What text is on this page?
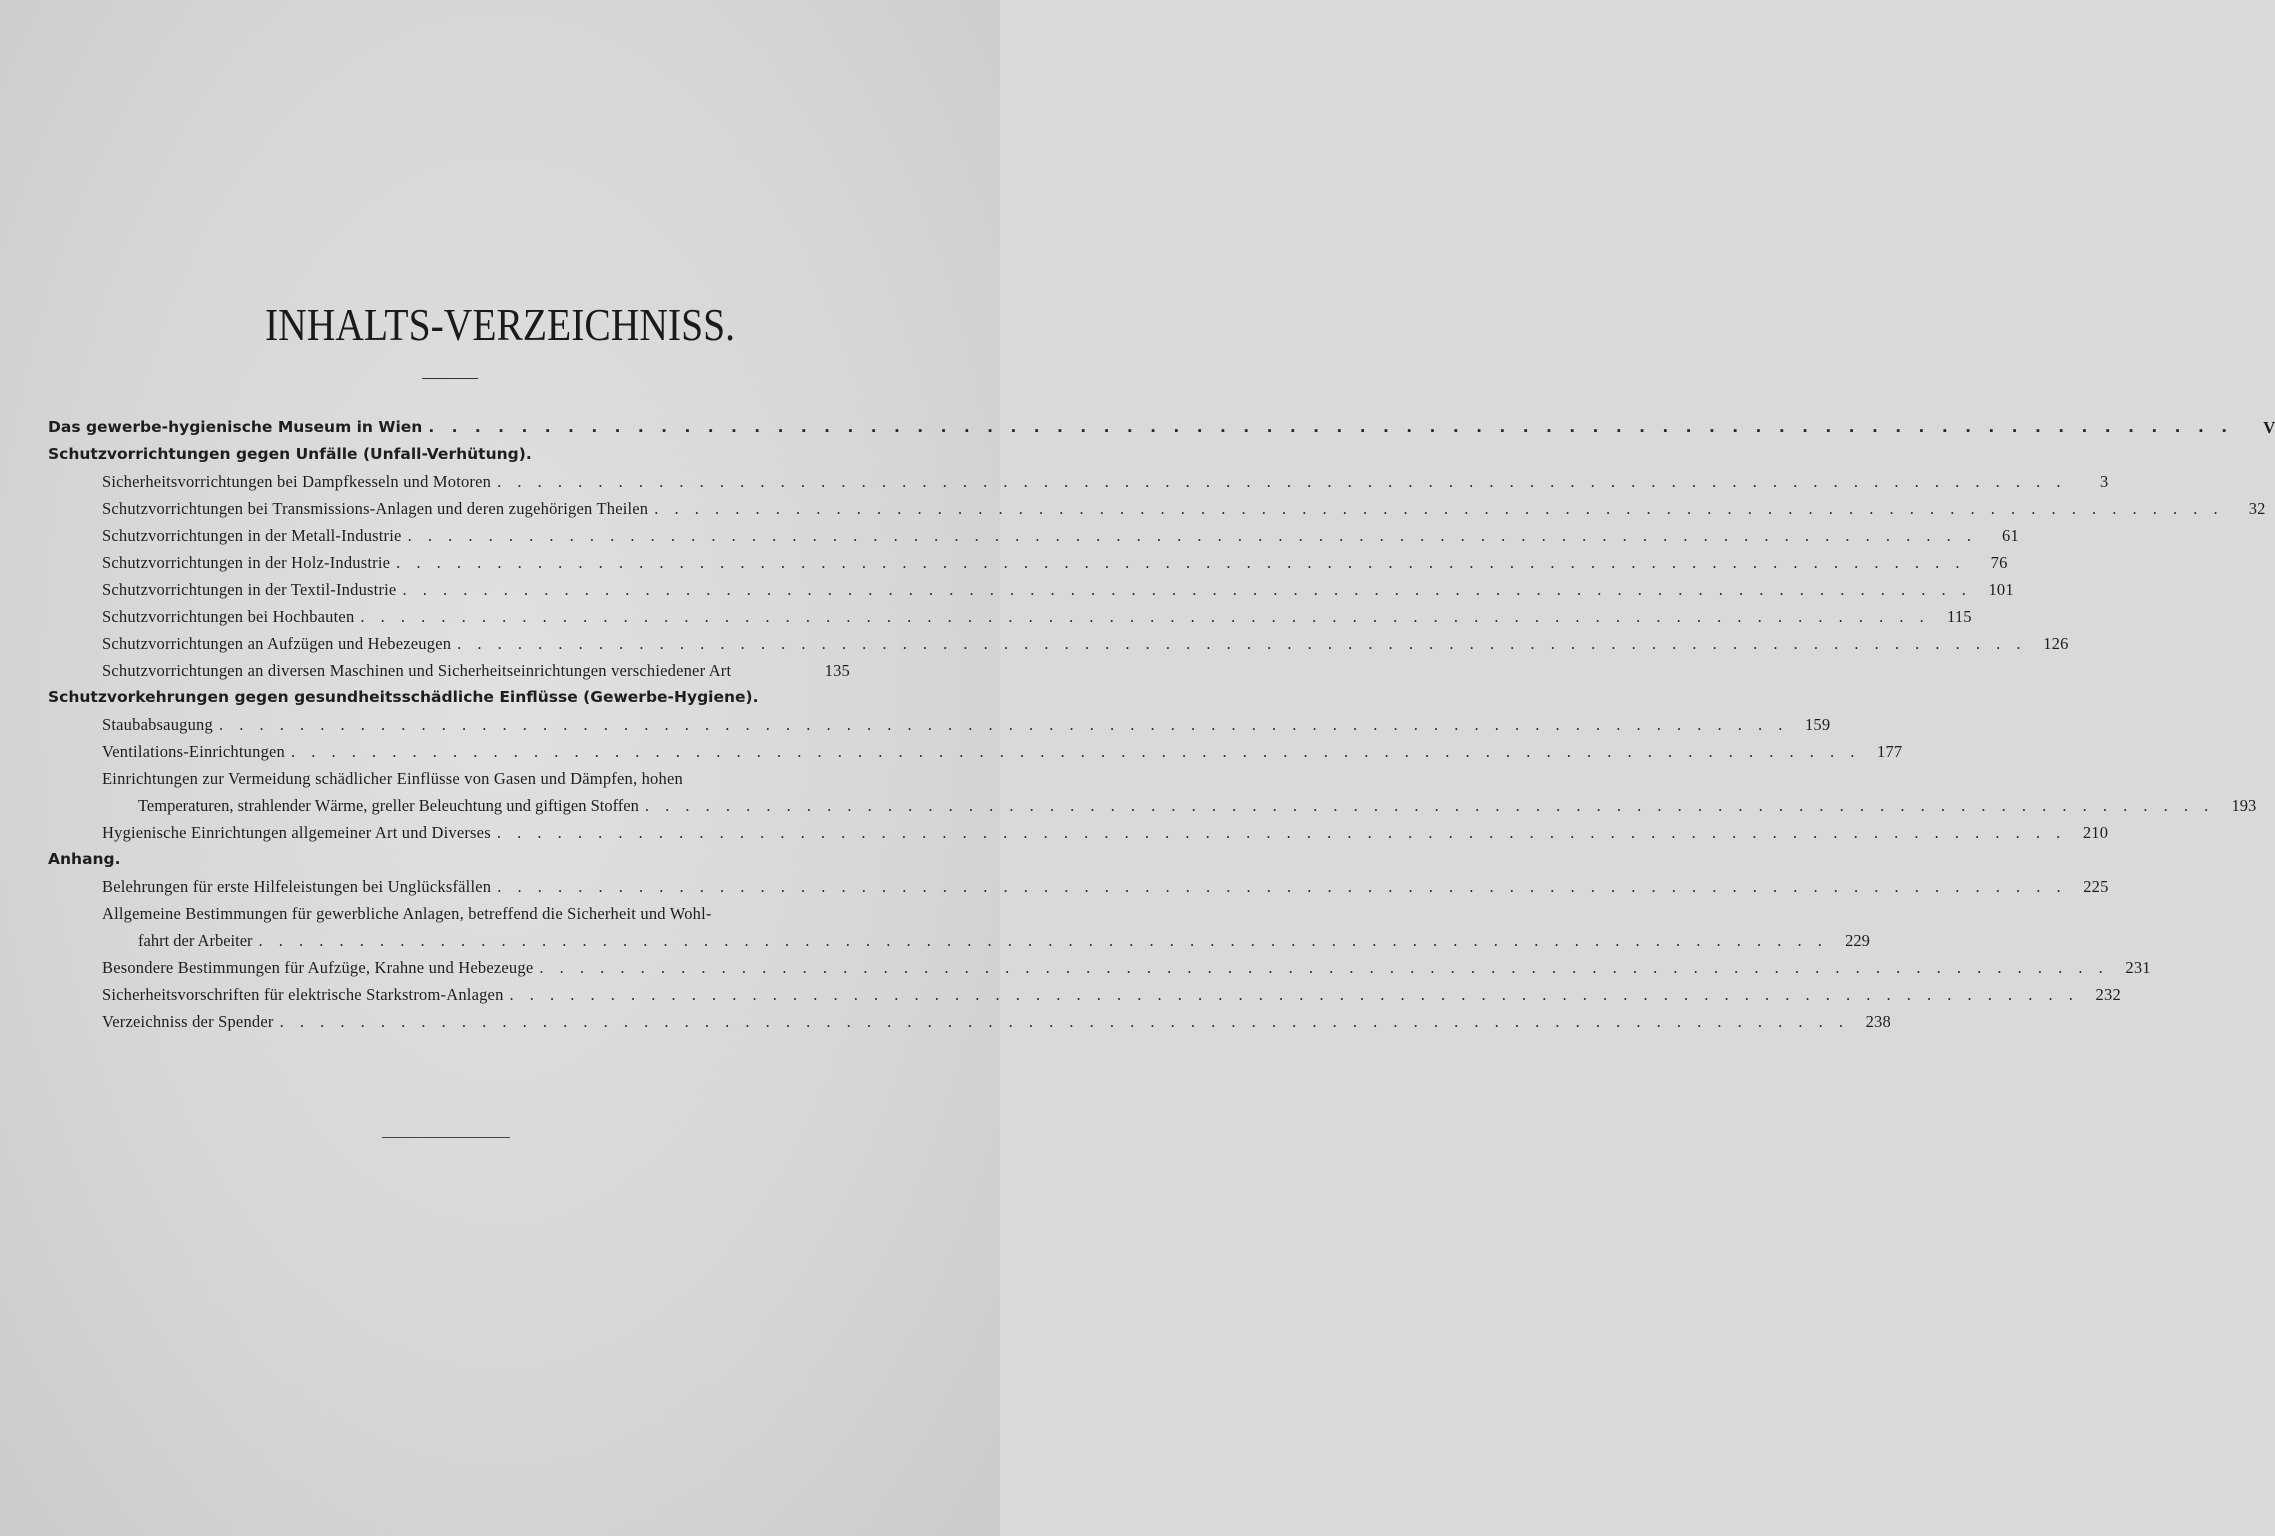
INHALTS-VERZEICHNISS.
Das gewerbe-hygienische Museum in Wien . . . . . . . . . . . . . . . . . . . . . . . . . . . . . . . . . . . . . . . . . . . . . . . . . . . . . . . . . . . . . . . . . . . . . . . . . . . . . .	V
Schutzvorrichtungen gegen Unfälle (Unfall-Verhütung).
Sicherheitsvorrichtungen bei Dampfkesseln und Motoren . . . . . . . . . . . . . . . . . . . . . . . . . . . . . . . . . . . . . . . . . . . . . . . . . . . . . . . . . . . . . . . . . . . . . . . . . . . . . .	3
Schutzvorrichtungen bei Transmissions-Anlagen und deren zugehörigen Theilen . . . . . . . . . . . . . . . . . . . . . . . . . . . . . . . . . . . . . . . . . . . . . . . . . . . . . . . . . . . . . . . . . . . . . . . . . . . . . .	32
Schutzvorrichtungen in der Metall-Industrie . . . . . . . . . . . . . . . . . . . . . . . . . . . . . . . . . . . . . . . . . . . . . . . . . . . . . . . . . . . . . . . . . . . . . . . . . . . . . .	61
Schutzvorrichtungen in der Holz-Industrie . . . . . . . . . . . . . . . . . . . . . . . . . . . . . . . . . . . . . . . . . . . . . . . . . . . . . . . . . . . . . . . . . . . . . . . . . . . . . .	76
Schutzvorrichtungen in der Textil-Industrie . . . . . . . . . . . . . . . . . . . . . . . . . . . . . . . . . . . . . . . . . . . . . . . . . . . . . . . . . . . . . . . . . . . . . . . . . . . . . .	101
Schutzvorrichtungen bei Hochbauten . . . . . . . . . . . . . . . . . . . . . . . . . . . . . . . . . . . . . . . . . . . . . . . . . . . . . . . . . . . . . . . . . . . . . . . . . . . . . .	115
Schutzvorrichtungen an Aufzügen und Hebezeugen . . . . . . . . . . . . . . . . . . . . . . . . . . . . . . . . . . . . . . . . . . . . . . . . . . . . . . . . . . . . . . . . . . . . . . . . . . . . . .	126
Schutzvorrichtungen an diversen Maschinen und Sicherheitseinrichtungen verschiedener Art	135
Schutzvorkehrungen gegen gesundheitsschädliche Einflüsse (Gewerbe-Hygiene).
Staubabsaugung . . . . . . . . . . . . . . . . . . . . . . . . . . . . . . . . . . . . . . . . . . . . . . . . . . . . . . . . . . . . . . . . . . . . . . . . . . . . . .	159
Ventilations-Einrichtungen . . . . . . . . . . . . . . . . . . . . . . . . . . . . . . . . . . . . . . . . . . . . . . . . . . . . . . . . . . . . . . . . . . . . . . . . . . . . . .	177
Einrichtungen zur Vermeidung schädlicher Einflüsse von Gasen und Dämpfen, hohen
Temperaturen, strahlender Wärme, greller Beleuchtung und giftigen Stoffen . . . . . . . . . . . . . . . . . . . . . . . . . . . . . . . . . . . . . . . . . . . . . . . . . . . . . . . . . . . . . . . . . . . . . . . . . . . . . .	193
Hygienische Einrichtungen allgemeiner Art und Diverses . . . . . . . . . . . . . . . . . . . . . . . . . . . . . . . . . . . . . . . . . . . . . . . . . . . . . . . . . . . . . . . . . . . . . . . . . . . . . .	210
Anhang.
Belehrungen für erste Hilfeleistungen bei Unglücksfällen . . . . . . . . . . . . . . . . . . . . . . . . . . . . . . . . . . . . . . . . . . . . . . . . . . . . . . . . . . . . . . . . . . . . . . . . . . . . . .	225
Allgemeine Bestimmungen für gewerbliche Anlagen, betreffend die Sicherheit und Wohl-
fahrt der Arbeiter . . . . . . . . . . . . . . . . . . . . . . . . . . . . . . . . . . . . . . . . . . . . . . . . . . . . . . . . . . . . . . . . . . . . . . . . . . . . . .	229
Besondere Bestimmungen für Aufzüge, Krahne und Hebezeuge . . . . . . . . . . . . . . . . . . . . . . . . . . . . . . . . . . . . . . . . . . . . . . . . . . . . . . . . . . . . . . . . . . . . . . . . . . . . . .	231
Sicherheitsvorschriften für elektrische Starkstrom-Anlagen . . . . . . . . . . . . . . . . . . . . . . . . . . . . . . . . . . . . . . . . . . . . . . . . . . . . . . . . . . . . . . . . . . . . . . . . . . . . . .	232
Verzeichniss der Spender . . . . . . . . . . . . . . . . . . . . . . . . . . . . . . . . . . . . . . . . . . . . . . . . . . . . . . . . . . . . . . . . . . . . . . . . . . . . . .	238
